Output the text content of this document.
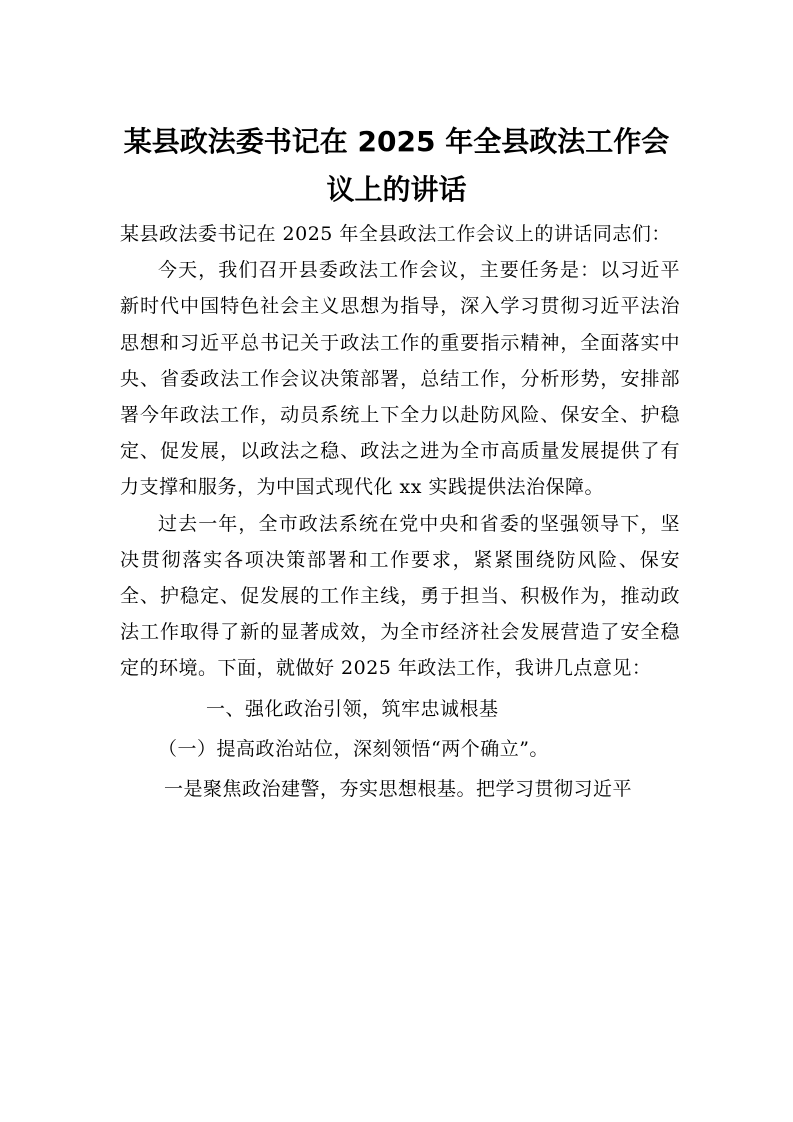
某县政法委书记在 2025 年全县政法工作会
议上的讲话

某县政法委书记在 2025 年全县政法工作会议上的讲话同志们：

今天，我们召开县委政法工作会议，主要任务是：以习近平新时代中国特色社会主义思想为指导，深入学习贯彻习近平法治思想和习近平总书记关于政法工作的重要指示精神，全面落实中央、省委政法工作会议决策部署，总结工作，分析形势，安排部署今年政法工作，动员系统上下全力以赴防风险、保安全、护稳定、促发展，以政法之稳、政法之进为全市高质量发展提供了有力支撑和服务，为中国式现代化 xx 实践提供法治保障。

过去一年，全市政法系统在党中央和省委的坚强领导下，坚决贯彻落实各项决策部署和工作要求，紧紧围绕防风险、保安全、护稳定、促发展的工作主线，勇于担当、积极作为，推动政法工作取得了新的显著成效，为全市经济社会发展营造了安全稳定的环境。下面，就做好 2025 年政法工作，我讲几点意见：

一、强化政治引领，筑牢忠诚根基

（一）提高政治站位，深刻领悟“两个确立”。

一是聚焦政治建警，夯实思想根基。把学习贯彻习近平
